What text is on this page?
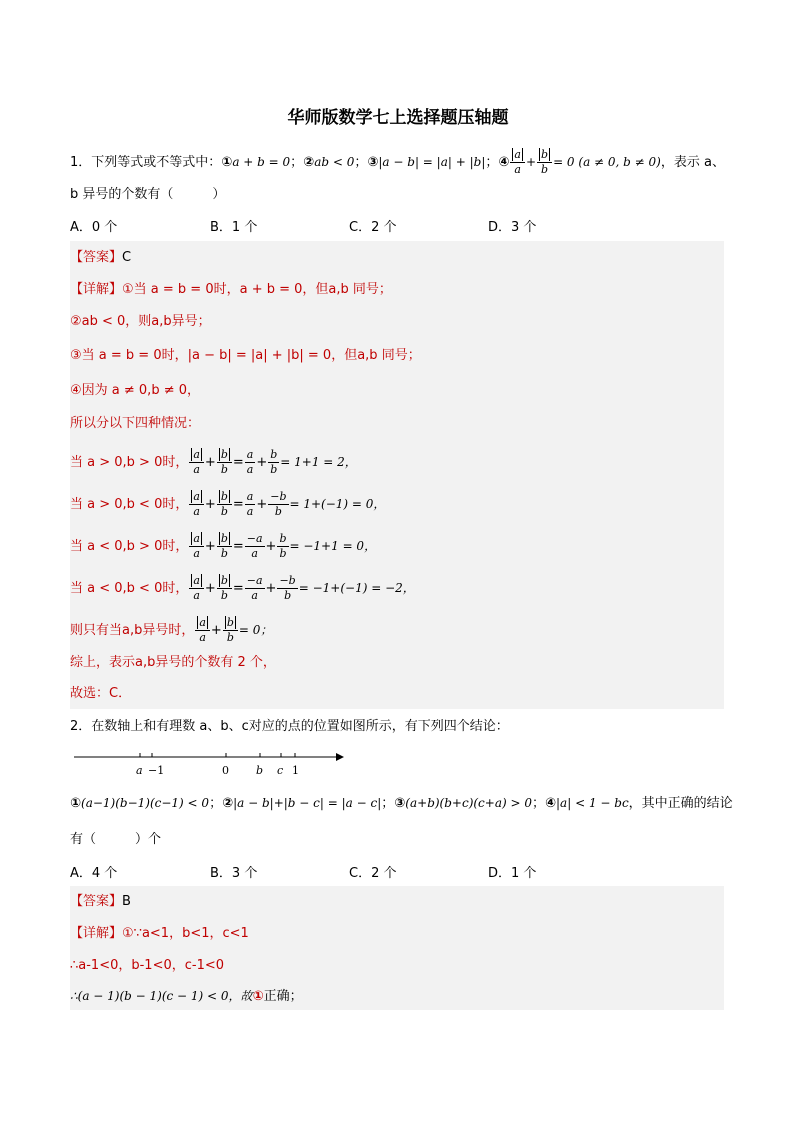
华师版数学七上选择题压轴题
1．下列等式或不等式中：①a + b = 0；②ab < 0；③|a − b| = |a| + |b|；④ $\frac{a}{a} + \frac{b}{b} = 0$ (a ≠ 0, b ≠ 0)，表示 a、
b 异号的个数有（　　　）
A．0 个	B．1 个	C．2 个	D．3 个
【答案】C
【详解】①当 a = b = 0时，a + b = 0，但a,b 同号；
②ab < 0，则a,b异号；
③当 a = b = 0时，|a − b| = |a| + |b| = 0，但a,b 同号；
④因为 a ≠ 0,b ≠ 0，
所以分以下四种情况：
当 a > 0,b > 0时， $\frac{a}{a} + \frac{b}{b} = \frac{a}{a} + \frac{b}{b} = 1+1 = 2$，
当 a > 0,b < 0时， $\frac{a}{a} + \frac{b}{b} = \frac{a}{a} + \frac{-b}{b} = 1+(-1) = 0$，
当 a < 0,b > 0时， $\frac{a}{a} + \frac{b}{b} = \frac{-a}{a} + \frac{b}{b} = -1+1 = 0$，
当 a < 0,b < 0时， $\frac{a}{a} + \frac{b}{b} = \frac{-a}{a} + \frac{-b}{b} = -1+(-1) = -2$，
则只有当a,b异号时， $\frac{a}{a} + \frac{b}{b} = 0$；
综上，表示a,b异号的个数有 2 个，
故选：C．
2．在数轴上和有理数 a、b、c对应的点的位置如图所示，有下列四个结论：
a −1	0 b c 1
①(a−1)(b−1)(c−1) < 0；②|a − b|+|b − c| = |a − c|；③(a+b)(b+c)(c+a) > 0；④|a| < 1 − bc，其中正确的结论
有（　　　）个
A．4 个	B．3 个	C．2 个	D．1 个
【答案】B
【详解】①∵a<1，b<1，c<1
∴a-1<0，b-1<0，c-1<0
∴(a − 1)(b − 1)(c − 1) < 0，故①正确；
